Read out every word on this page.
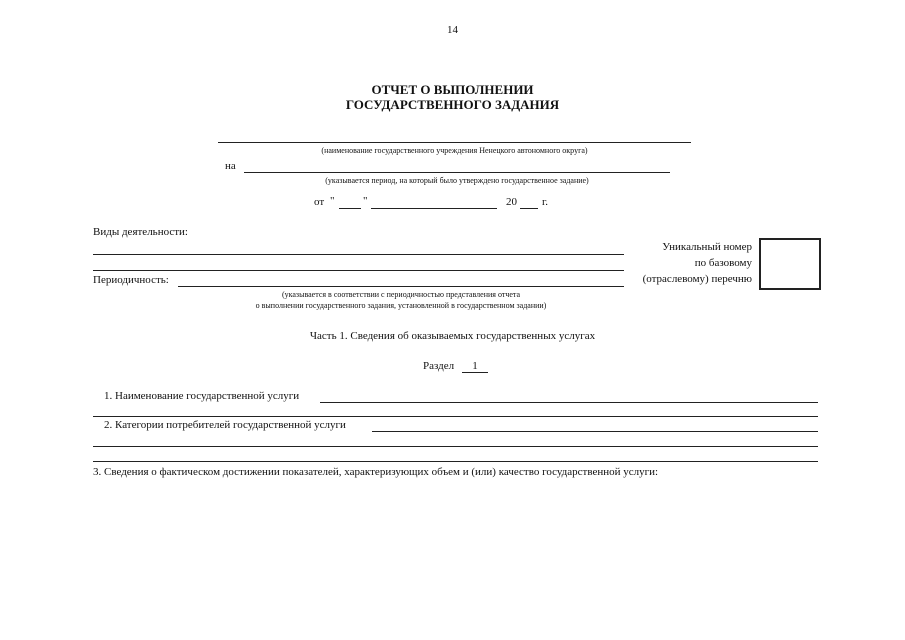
14
ОТЧЕТ О ВЫПОЛНЕНИИ
ГОСУДАРСТВЕННОГО ЗАДАНИЯ
(наименование государственного учреждения Ненецкого автономного округа)
на
(указывается период, на который было утверждено государственное задание)
от "	"	20 г.
Виды деятельности:
Уникальный номер
по базовому
(отраслевому) перечню
Периодичность:
(указывается в соответствии с периодичностью представления отчета
о выполнении государственного задания, установленной в государственном задании)
Часть 1. Сведения об оказываемых государственных услугах
Раздел	1
1. Наименование государственной услуги
2. Категории потребителей государственной услуги
3. Сведения о фактическом достижении показателей, характеризующих объем и (или) качество государственной услуги:
